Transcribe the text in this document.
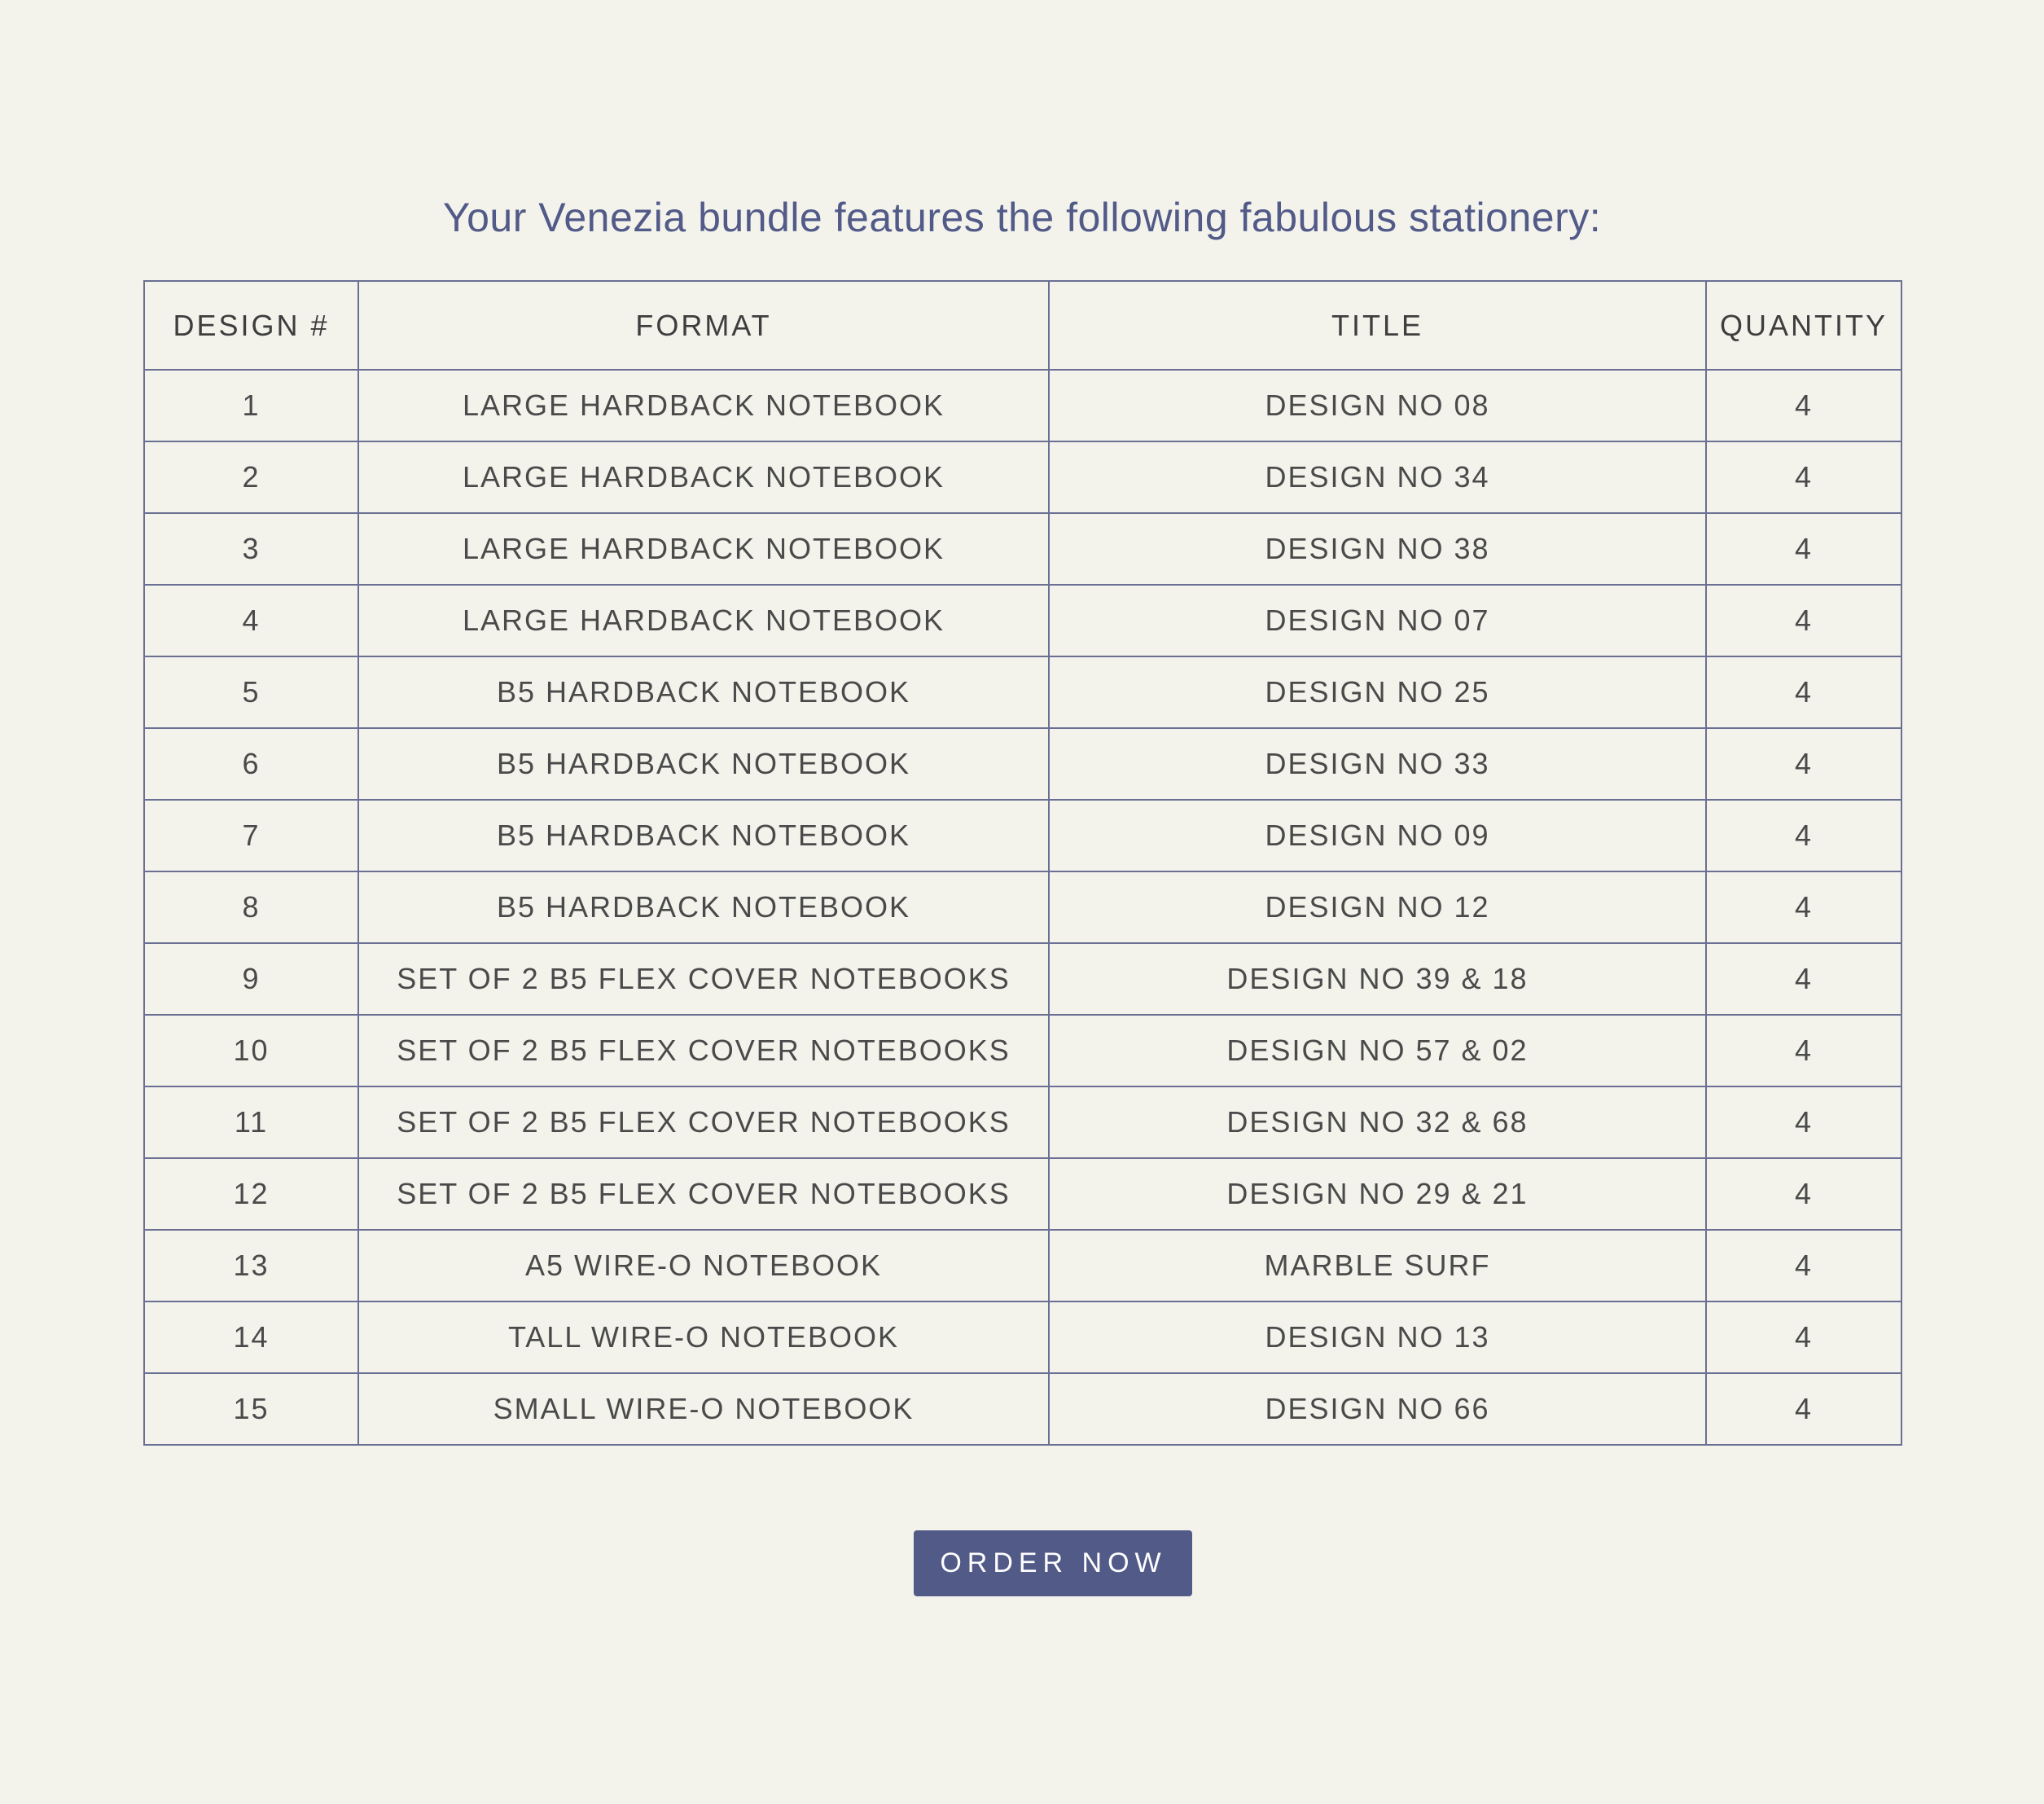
Your Venezia bundle features the following fabulous stationery:
DESIGN #	FORMAT	TITLE	QUANTITY
1	LARGE HARDBACK NOTEBOOK	DESIGN NO 08	4
2	LARGE HARDBACK NOTEBOOK	DESIGN NO 34	4
3	LARGE HARDBACK NOTEBOOK	DESIGN NO 38	4
4	LARGE HARDBACK NOTEBOOK	DESIGN NO 07	4
5	B5 HARDBACK NOTEBOOK	DESIGN NO 25	4
6	B5 HARDBACK NOTEBOOK	DESIGN NO 33	4
7	B5 HARDBACK NOTEBOOK	DESIGN NO 09	4
8	B5 HARDBACK NOTEBOOK	DESIGN NO 12	4
9	SET OF 2 B5 FLEX COVER NOTEBOOKS	DESIGN NO 39 & 18	4
10	SET OF 2 B5 FLEX COVER NOTEBOOKS	DESIGN NO 57 & 02	4
11	SET OF 2 B5 FLEX COVER NOTEBOOKS	DESIGN NO 32 & 68	4
12	SET OF 2 B5 FLEX COVER NOTEBOOKS	DESIGN NO 29 & 21	4
13	A5 WIRE-O NOTEBOOK	MARBLE SURF	4
14	TALL WIRE-O NOTEBOOK	DESIGN NO 13	4
15	SMALL WIRE-O NOTEBOOK	DESIGN NO 66	4
ORDER NOW
